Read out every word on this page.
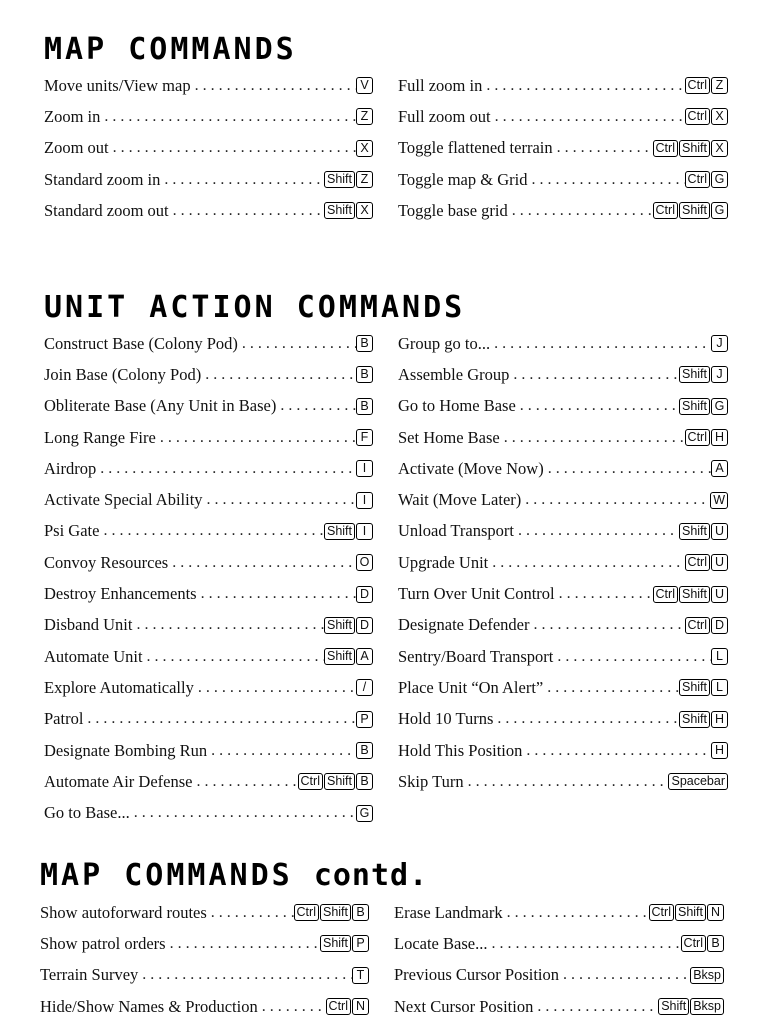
MAP COMMANDS
Move units/View map . . .	V
Zoom in . . .	Z
Zoom out . . .	X
Standard zoom in . . .	Shift Z
Standard zoom out . . .	Shift X
Full zoom in . . .	Ctrl Z
Full zoom out . . .	Ctrl X
Toggle flattened terrain . . .	Ctrl Shift X
Toggle map & Grid . . .	Ctrl G
Toggle base grid . . .	Ctrl Shift G
UNIT ACTION COMMANDS
Construct Base (Colony Pod) . . .	B
Join Base (Colony Pod) . . .	B
Obliterate Base (Any Unit in Base) . . .	B
Long Range Fire . . .	F
Airdrop . . .	I
Activate Special Ability . . .	I
Psi Gate . . .	Shift I
Convoy Resources . . .	O
Destroy Enhancements . . .	D
Disband Unit . . .	Shift D
Automate Unit . . .	Shift A
Explore Automatically . . .	/
Patrol . . .	P
Designate Bombing Run . . .	B
Automate Air Defense . . .	Ctrl Shift B
Go to Base... . . .	G
Group go to... . . .	J
Assemble Group . . .	Shift J
Go to Home Base . . .	Shift G
Set Home Base . . .	Ctrl H
Activate (Move Now) . . .	A
Wait (Move Later) . . .	W
Unload Transport . . .	Shift U
Upgrade Unit . . .	Ctrl U
Turn Over Unit Control . . .	Ctrl Shift U
Designate Defender . . .	Ctrl D
Sentry/Board Transport . . .	L
Place Unit “On Alert” . . .	Shift L
Hold 10 Turns . . .	Shift H
Hold This Position . . .	H
Skip Turn . . .	Spacebar
MAP COMMANDS contd.
Show autoforward routes . . .	Ctrl Shift B
Show patrol orders . . .	Shift P
Terrain Survey . . .	T
Hide/Show Names & Production . . .	Ctrl N
Erase Landmark . . .	Ctrl Shift N
Locate Base... . . .	Ctrl B
Previous Cursor Position . . .	Bksp
Next Cursor Position . . .	Shift Bksp
